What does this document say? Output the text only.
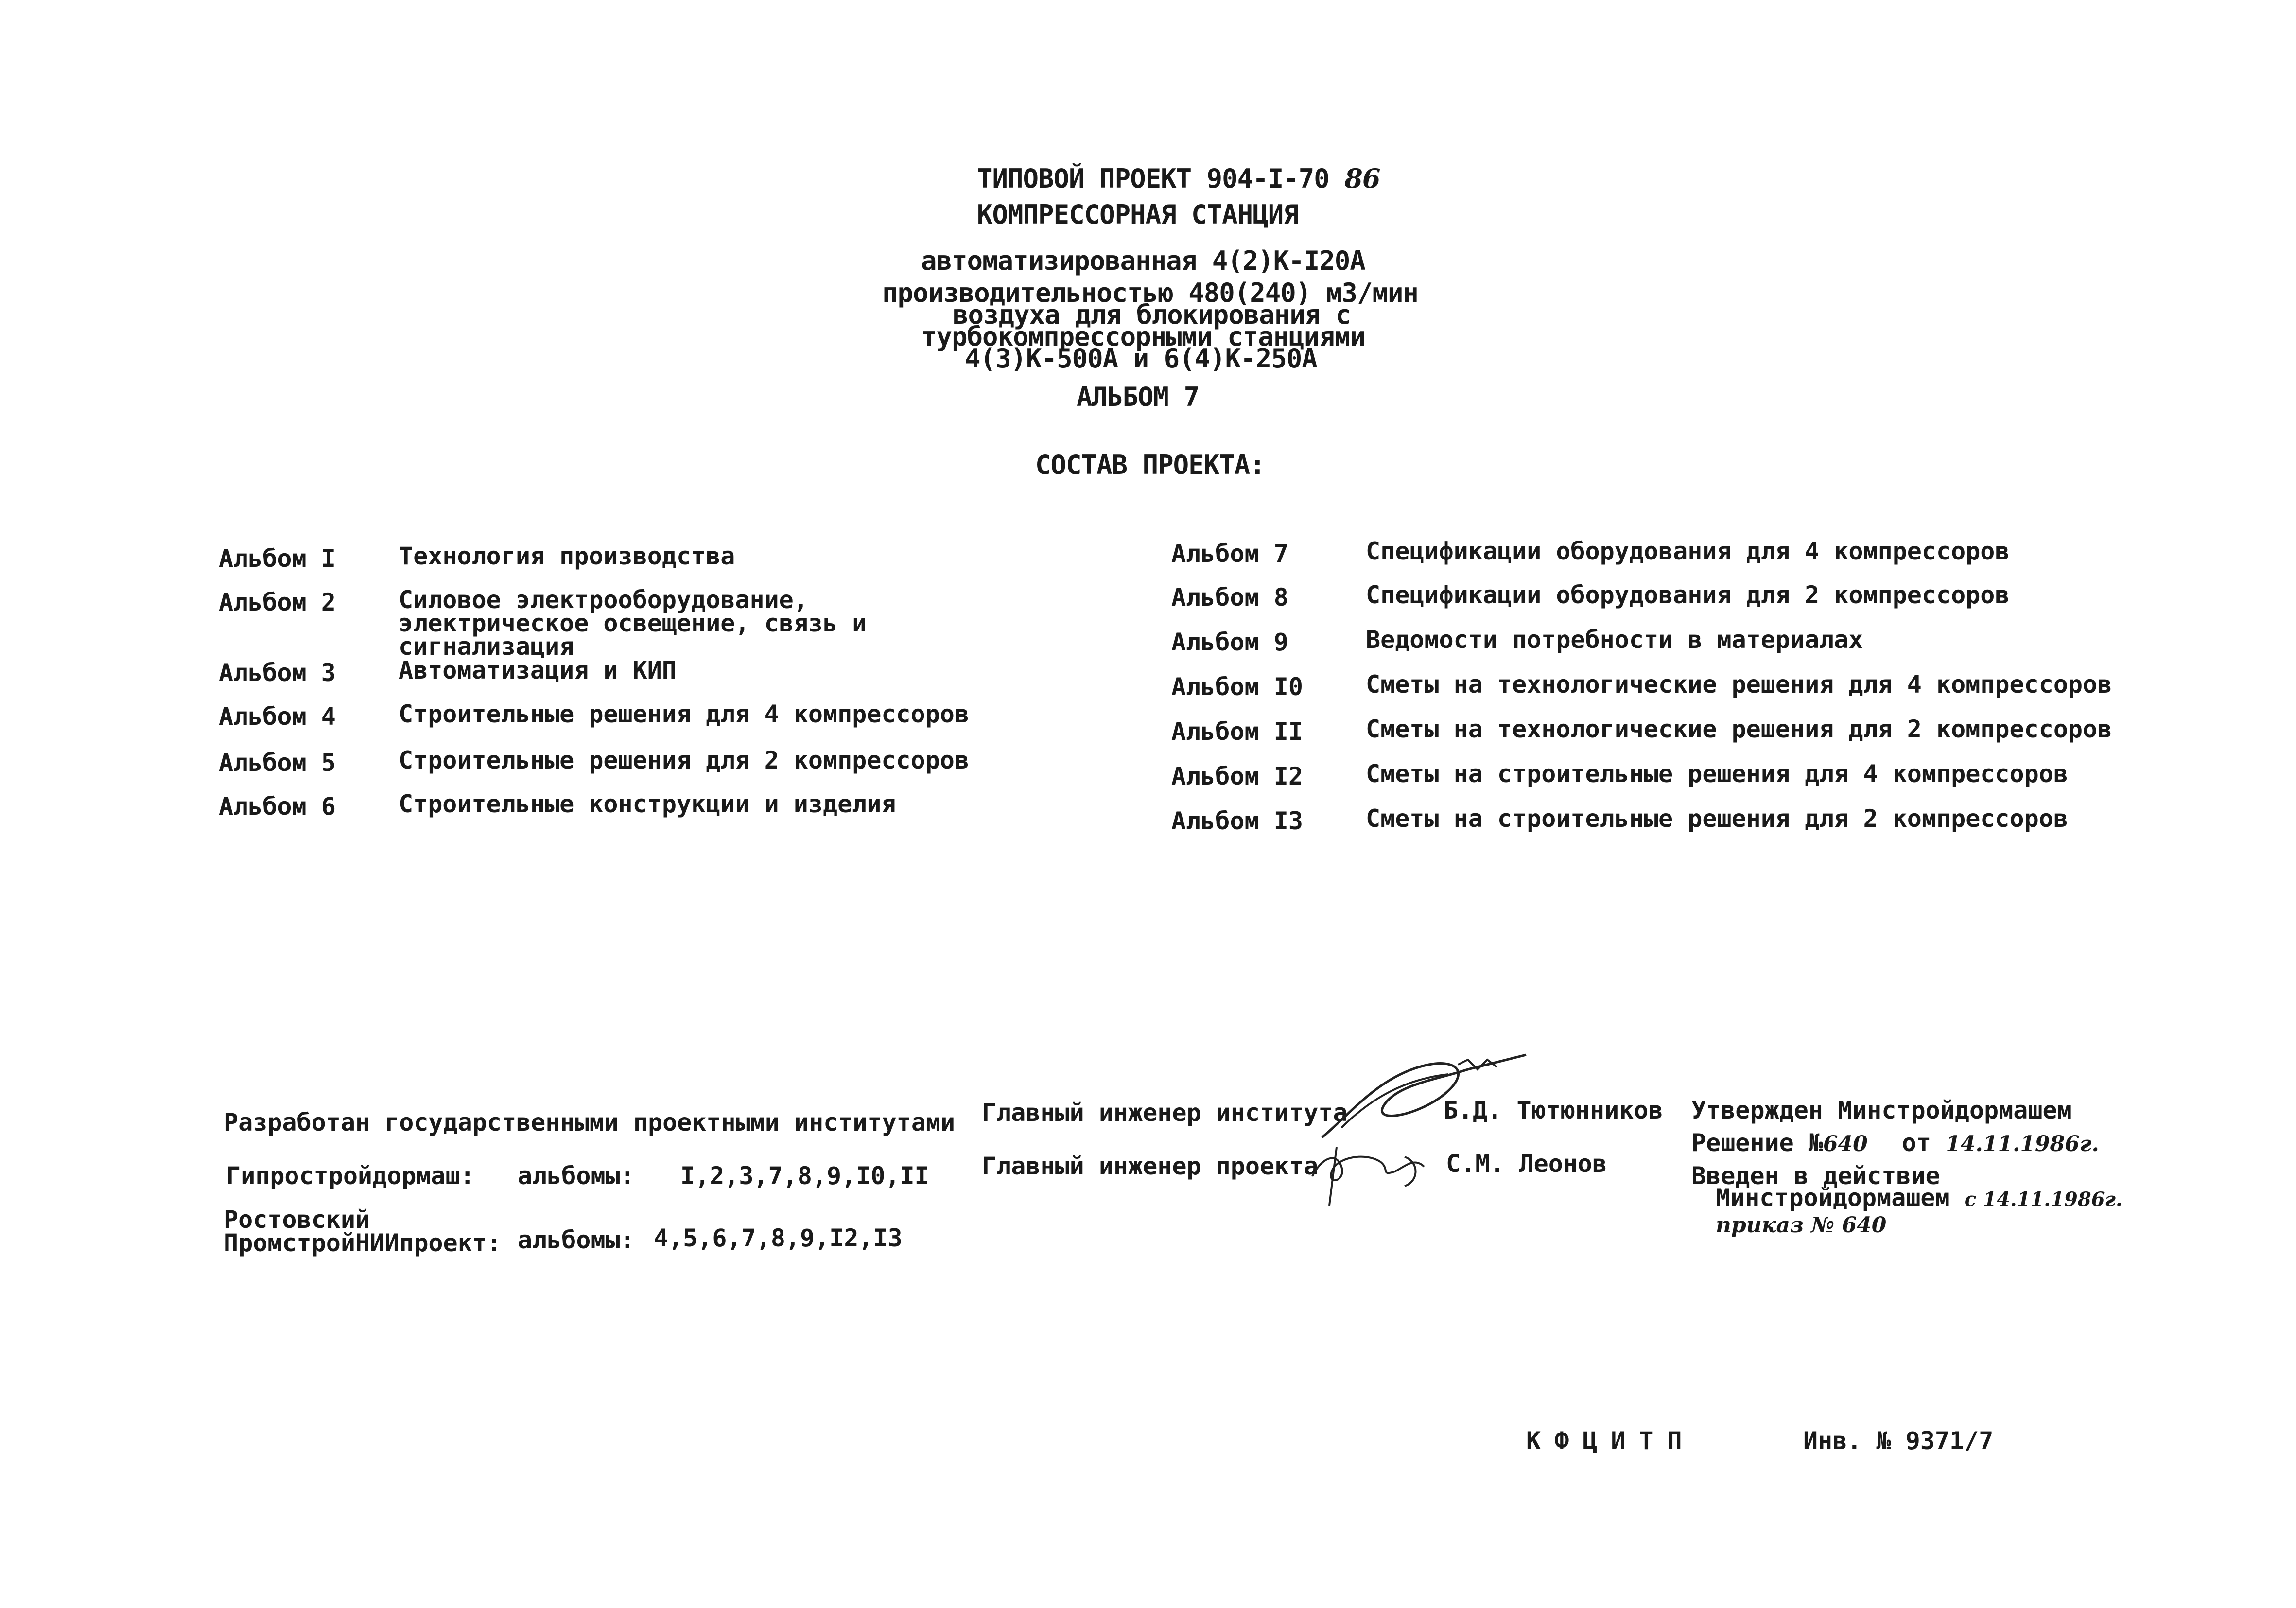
ТИПОВОЙ ПРОЕКТ 904-I-70 86
КОМПРЕССОРНАЯ СТАНЦИЯ
автоматизированная 4(2)К-I20А
производительностью 480(240) м3/мин
воздуха для блокирования с
турбокомпрессорными станциями
4(3)К-500А и 6(4)К-250А
АЛЬБОМ 7
СОСТАВ ПРОЕКТА:
Альбом I	Технология производства
Альбом 2	Силовое электрооборудование, электрическое освещение, связь и сигнализация
Альбом 3	Автоматизация и КИП
Альбом 4	Строительные решения для 4 компрессоров
Альбом 5	Строительные решения для 2 компрессоров
Альбом 6	Строительные конструкции и изделия
Альбом 7	Спецификации оборудования для 4 компрессоров
Альбом 8	Спецификации оборудования для 2 компрессоров
Альбом 9	Ведомости потребности в материалах
Альбом I0	Сметы на технологические решения для 4 компрессоров
Альбом II	Сметы на технологические решения для 2 компрессоров
Альбом I2	Сметы на строительные решения для 4 компрессоров
Альбом I3	Сметы на строительные решения для 2 компрессоров
Разработан государственными проектными институтами
Гипростройдормаш: альбомы: I,2,3,7,8,9,I0,II
Ростовский
ПромстройНИИпроект: альбомы: 4,5,6,7,8,9,I2,I3
Главный инженер института	Б.Д. Тютюнников
Главный инженер проекта	С.М. Леонов
Утвержден Минстройдормашем
Решение №640 от 14.11.1986г.
Введен в действие
Минстройдормашем с 14.11.1986г.
приказ № 640
КФЦИТП	Инв. № 9371/7
